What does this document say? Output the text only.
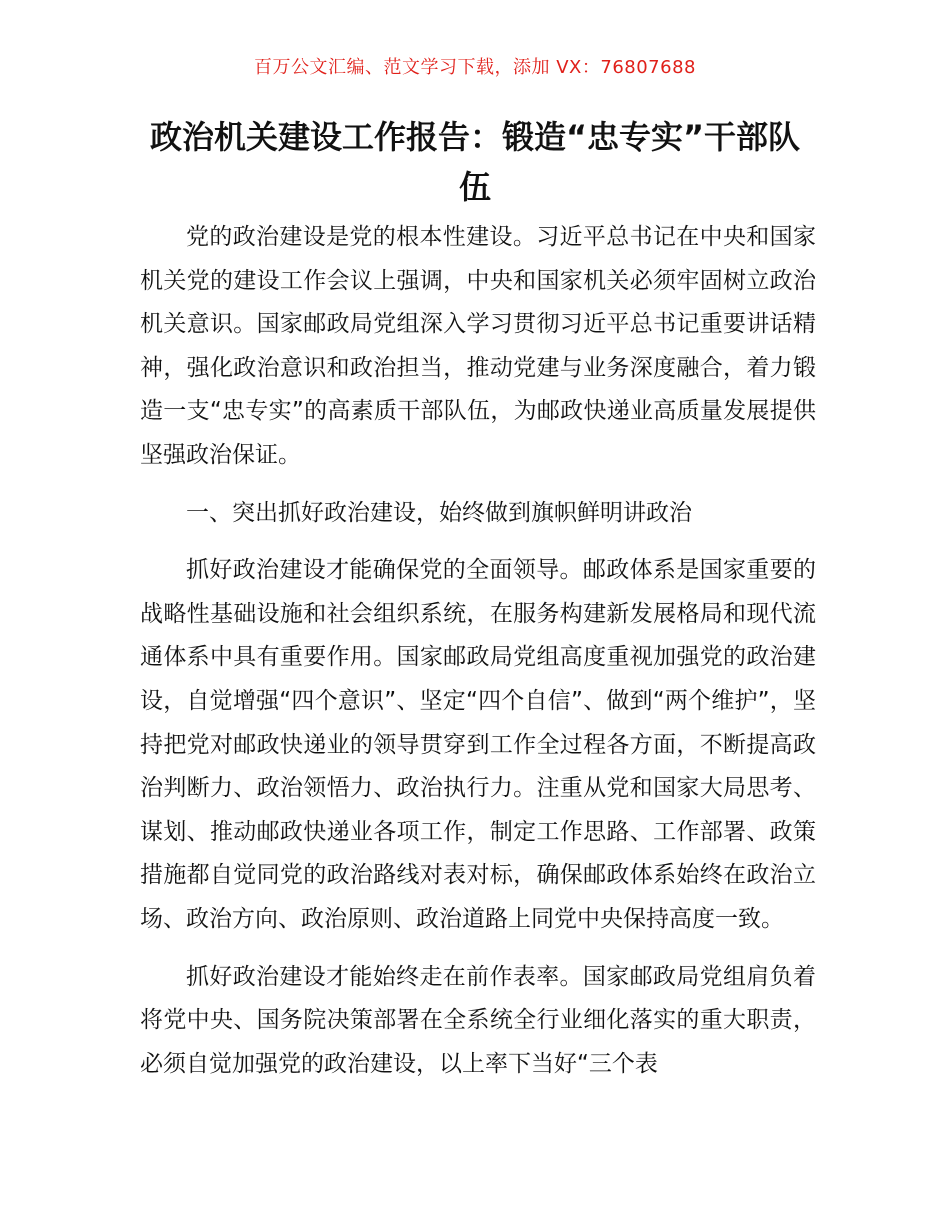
百万公文汇编、范文学习下载，添加 VX：76807688
政治机关建设工作报告：锻造“忠专实”干部队伍

党的政治建设是党的根本性建设。习近平总书记在中央和国家机关党的建设工作会议上强调，中央和国家机关必须牢固树立政治机关意识。国家邮政局党组深入学习贯彻习近平总书记重要讲话精神，强化政治意识和政治担当，推动党建与业务深度融合，着力锻造一支“忠专实”的高素质干部队伍，为邮政快递业高质量发展提供坚强政治保证。

一、突出抓好政治建设，始终做到旗帜鲜明讲政治

抓好政治建设才能确保党的全面领导。邮政体系是国家重要的战略性基础设施和社会组织系统，在服务构建新发展格局和现代流通体系中具有重要作用。国家邮政局党组高度重视加强党的政治建设，自觉增强“四个意识”、坚定“四个自信”、做到“两个维护”，坚持把党对邮政快递业的领导贯穿到工作全过程各方面，不断提高政治判断力、政治领悟力、政治执行力。注重从党和国家大局思考、谋划、推动邮政快递业各项工作，制定工作思路、工作部署、政策措施都自觉同党的政治路线对表对标，确保邮政体系始终在政治立场、政治方向、政治原则、政治道路上同党中央保持高度一致。

抓好政治建设才能始终走在前作表率。国家邮政局党组肩负着将党中央、国务院决策部署在全系统全行业细化落实的重大职责，必须自觉加强党的政治建设，以上率下当好“三个表
